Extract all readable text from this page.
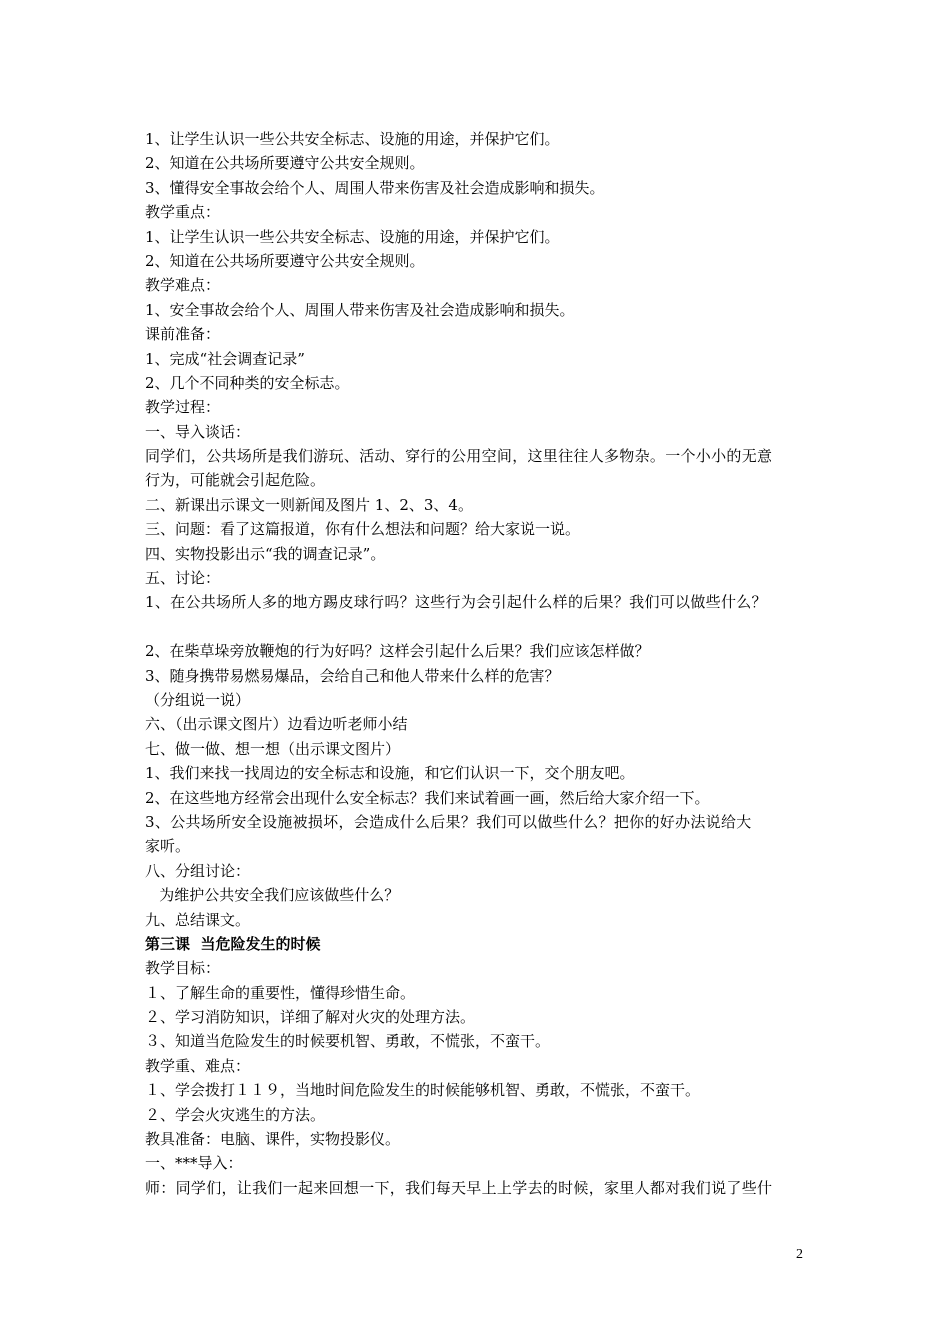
1、让学生认识一些公共安全标志、设施的用途，并保护它们。
2、知道在公共场所要遵守公共安全规则。
3、懂得安全事故会给个人、周围人带来伤害及社会造成影响和损失。
教学重点：
1、让学生认识一些公共安全标志、设施的用途，并保护它们。
2、知道在公共场所要遵守公共安全规则。
教学难点：
1、安全事故会给个人、周围人带来伤害及社会造成影响和损失。
课前准备：
1、完成“社会调查记录”
2、几个不同种类的安全标志。
教学过程：
一、导入谈话：
同学们，公共场所是我们游玩、活动、穿行的公用空间，这里往往人多物杂。一个小小的无意
行为，可能就会引起危险。
二、新课出示课文一则新闻及图片 1、2、3、4。
三、问题：看了这篇报道，你有什么想法和问题？给大家说一说。
四、实物投影出示“我的调查记录”。
五、讨论：
1、在公共场所人多的地方踢皮球行吗？这些行为会引起什么样的后果？我们可以做些什么？
2、在柴草垛旁放鞭炮的行为好吗？这样会引起什么后果？我们应该怎样做？
3、随身携带易燃易爆品，会给自己和他人带来什么样的危害？
（分组说一说）
六、（出示课文图片）边看边听老师小结
七、做一做、想一想（出示课文图片）
1、我们来找一找周边的安全标志和设施，和它们认识一下，交个朋友吧。
2、在这些地方经常会出现什么安全标志？我们来试着画一画，然后给大家介绍一下。
3、公共场所安全设施被损坏，会造成什么后果？我们可以做些什么？把你的好办法说给大
家听。
八、分组讨论：
为维护公共安全我们应该做些什么？
九、总结课文。
第三课  当危险发生的时候
教学目标：
１、了解生命的重要性，懂得珍惜生命。
２、学习消防知识，详细了解对火灾的处理方法。
３、知道当危险发生的时候要机智、勇敢，不慌张，不蛮干。
教学重、难点：
１、学会拨打１１９，当地时间危险发生的时候能够机智、勇敢，不慌张，不蛮干。
２、学会火灾逃生的方法。
教具准备：电脑、课件，实物投影仪。
一、***导入：
师：同学们，让我们一起来回想一下，我们每天早上上学去的时候，家里人都对我们说了些什
2
